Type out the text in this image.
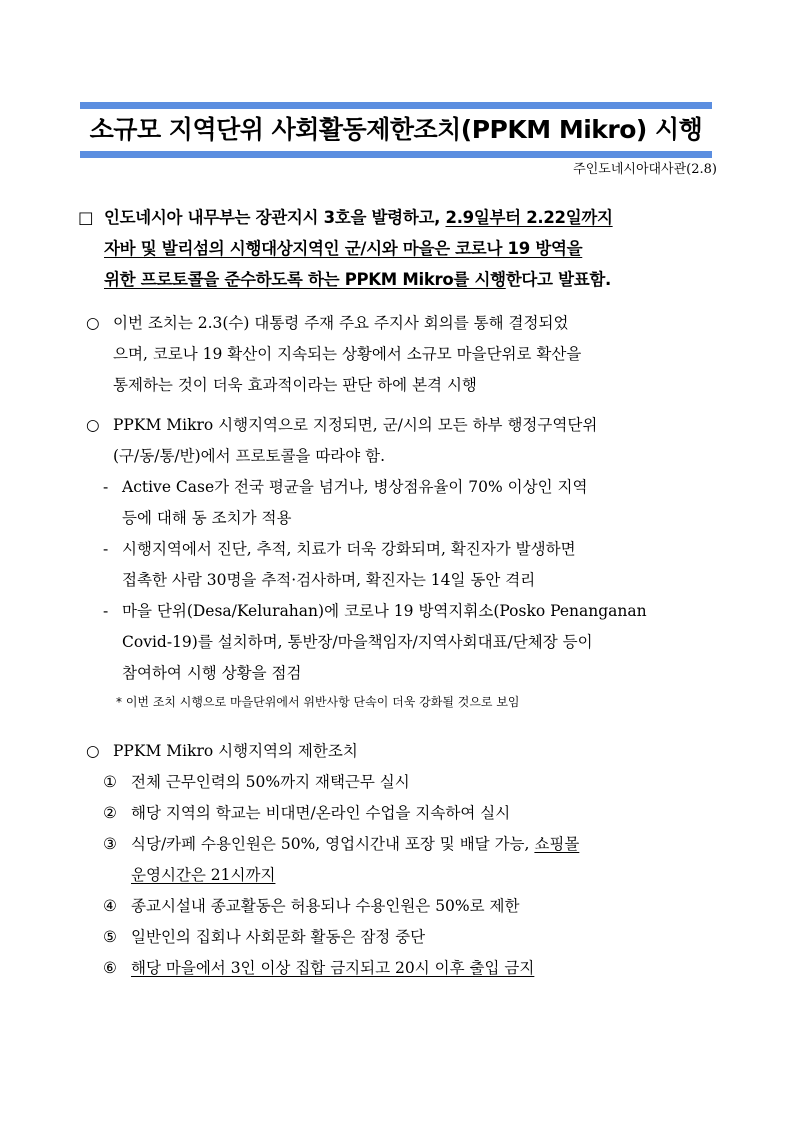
소규모 지역단위 사회활동제한조치(PPKM Mikro) 시행
주인도네시아대사관(2.8)
□ 인도네시아 내무부는 장관지시 3호을 발령하고, 2.9일부터 2.22일까지
자바 및 발리섬의 시행대상지역인 군/시와 마을은 코로나 19 방역을
위한 프로토콜을 준수하도록 하는 PPKM Mikro를 시행한다고 발표함.
○ 이번 조치는 2.3(수) 대통령 주재 주요 주지사 회의를 통해 결정되었
으며, 코로나 19 확산이 지속되는 상황에서 소규모 마을단위로 확산을
통제하는 것이 더욱 효과적이라는 판단 하에 본격 시행
○ PPKM Mikro 시행지역으로 지정되면, 군/시의 모든 하부 행정구역단위
(구/동/통/반)에서 프로토콜을 따라야 함.
- Active Case가 전국 평균을 넘거나, 병상점유율이 70% 이상인 지역
등에 대해 동 조치가 적용
- 시행지역에서 진단, 추적, 치료가 더욱 강화되며, 확진자가 발생하면
접촉한 사람 30명을 추적·검사하며, 확진자는 14일 동안 격리
- 마을 단위(Desa/Kelurahan)에 코로나 19 방역지휘소(Posko Penanganan
Covid-19)를 설치하며, 통반장/마을책임자/지역사회대표/단체장 등이
참여하여 시행 상황을 점검
* 이번 조치 시행으로 마을단위에서 위반사항 단속이 더욱 강화될 것으로 보임
○ PPKM Mikro 시행지역의 제한조치
① 전체 근무인력의 50%까지 재택근무 실시
② 해당 지역의 학교는 비대면/온라인 수업을 지속하여 실시
③ 식당/카페 수용인원은 50%, 영업시간내 포장 및 배달 가능, 쇼핑몰
운영시간은 21시까지
④ 종교시설내 종교활동은 허용되나 수용인원은 50%로 제한
⑤ 일반인의 집회나 사회문화 활동은 잠정 중단
⑥ 해당 마을에서 3인 이상 집합 금지되고 20시 이후 출입 금지
